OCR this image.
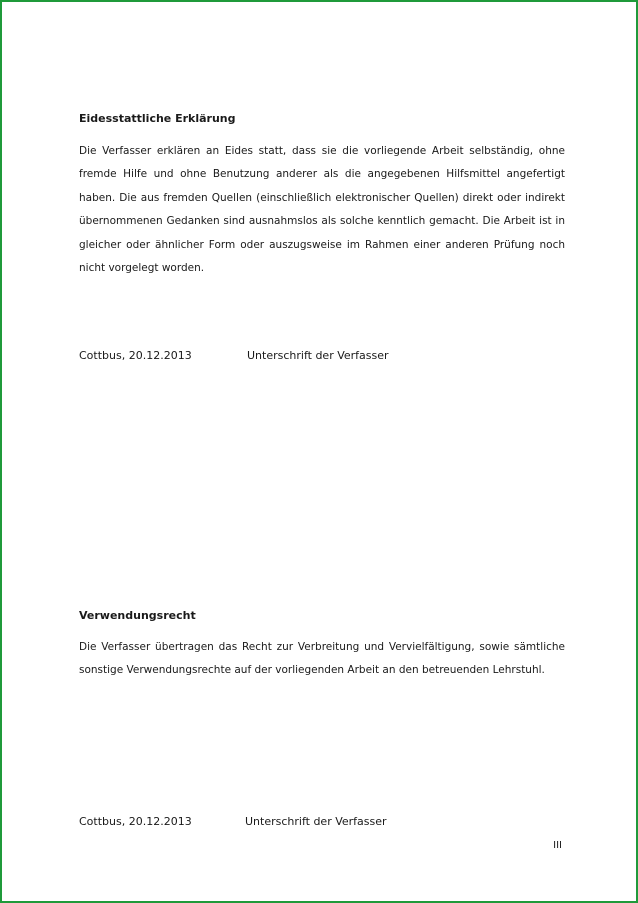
Eidesstattliche Erklärung

Die Verfasser erklären an Eides statt, dass sie die vorliegende Arbeit selbständig, ohne fremde Hilfe und ohne Benutzung anderer als die angegebenen Hilfsmittel angefertigt haben. Die aus fremden Quellen (einschließlich elektronischer Quellen) direkt oder indirekt übernommenen Gedanken sind ausnahmslos als solche kenntlich gemacht. Die Arbeit ist in gleicher oder ähnlicher Form oder auszugsweise im Rahmen einer anderen Prüfung noch nicht vorgelegt worden.

Cottbus, 20.12.2013	Unterschrift der Verfasser
Verwendungsrecht

Die Verfasser übertragen das Recht zur Verbreitung und Vervielfältigung, sowie sämtliche sonstige Verwendungsrechte auf der vorliegenden Arbeit an den betreuenden Lehrstuhl.

Cottbus, 20.12.2013	Unterschrift der Verfasser
III
